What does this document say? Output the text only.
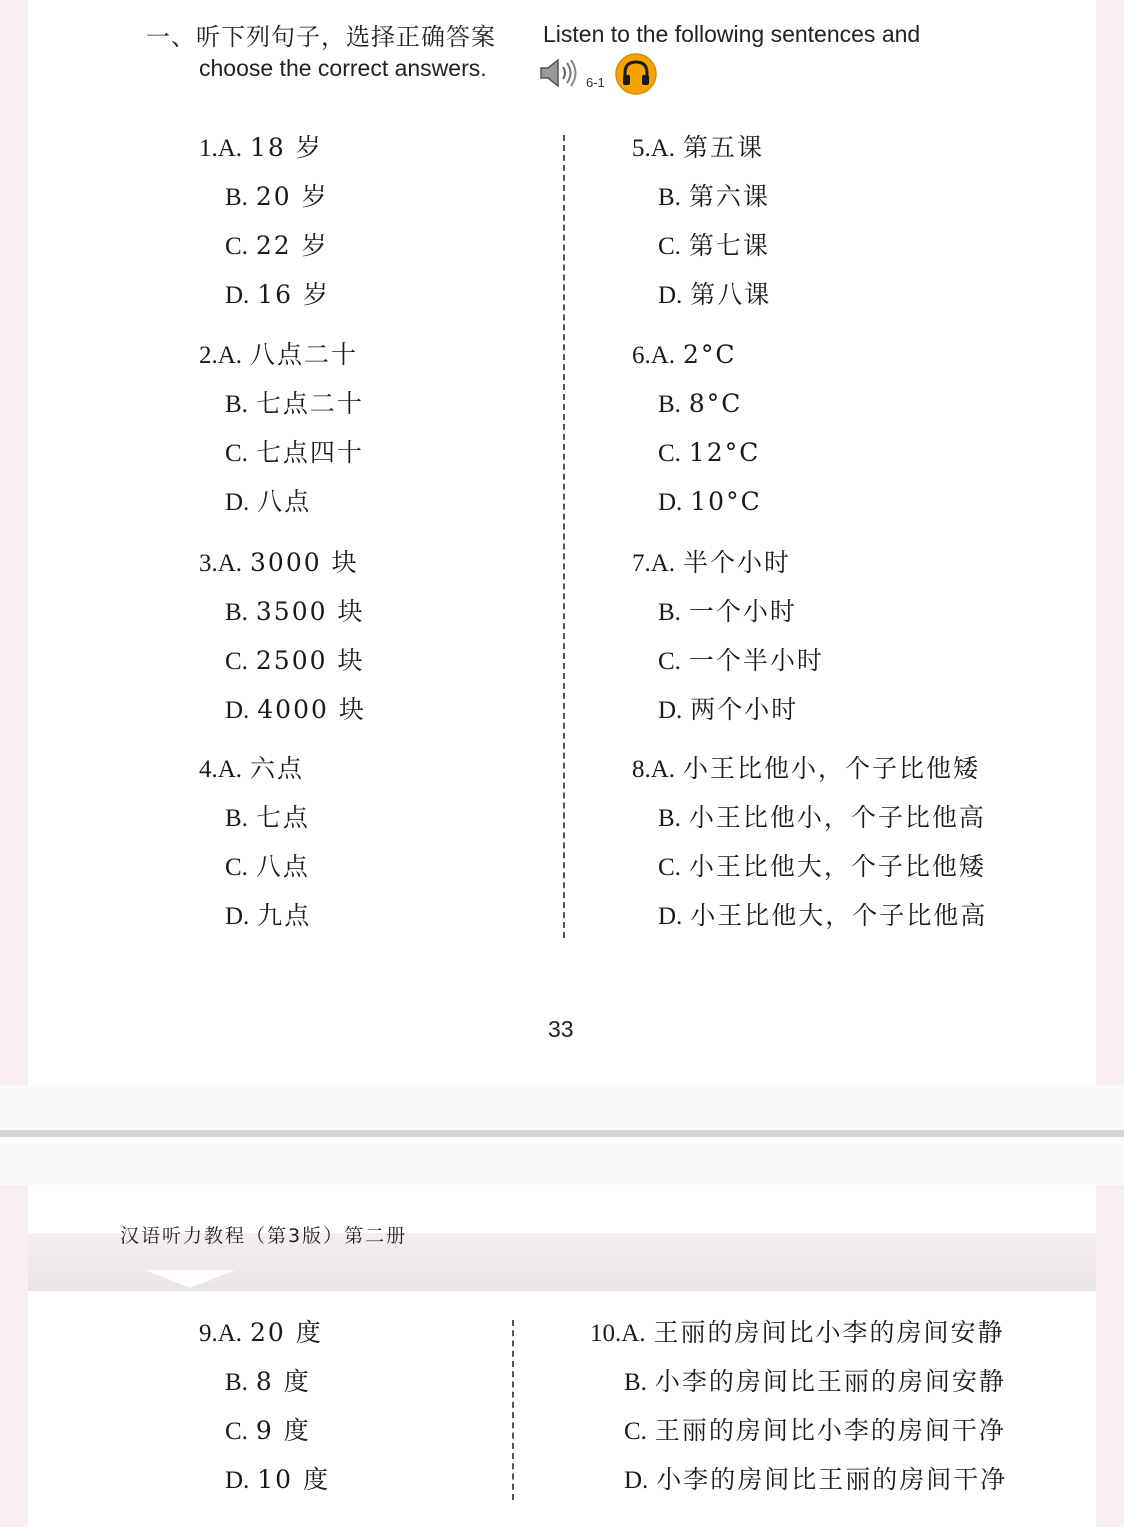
一、听下列句子，选择正确答案 Listen to the following sentences and
choose the correct answers.
6-1
1.A. 18 岁
B. 20 岁
C. 22 岁
D. 16 岁
2.A. 八点二十
B. 七点二十
C. 七点四十
D. 八点
3.A. 3000 块
B. 3500 块
C. 2500 块
D. 4000 块
4.A. 六点
B. 七点
C. 八点
D. 九点
5.A. 第五课
B. 第六课
C. 第七课
D. 第八课
6.A. 2°C
B. 8°C
C. 12°C
D. 10°C
7.A. 半个小时
B. 一个小时
C. 一个半小时
D. 两个小时
8.A. 小王比他小，个子比他矮
B. 小王比他小，个子比他高
C. 小王比他大，个子比他矮
D. 小王比他大，个子比他高
9.A. 20 度
B. 8 度
C. 9 度
D. 10 度
10.A. 王丽的房间比小李的房间安静
B. 小李的房间比王丽的房间安静
C. 王丽的房间比小李的房间干净
D. 小李的房间比王丽的房间干净
33
汉语听力教程（第3版）第二册
